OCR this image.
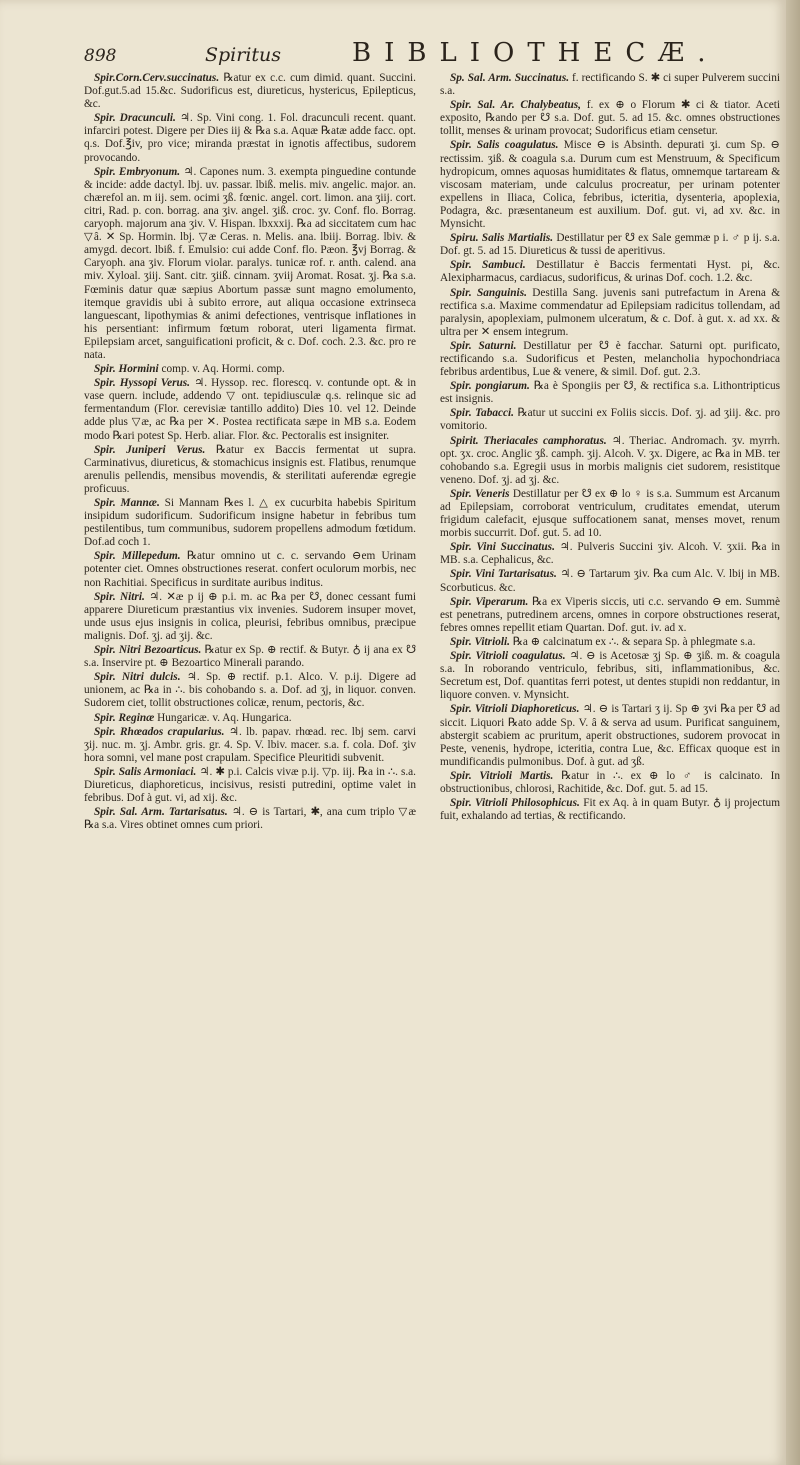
898	Spiritus	BIBLIOTHECÆ.

Spir.Corn.Cerv.succinatus. ℞atur ex c.c. cum dimid. quant. Succini. Dof.gut.5.ad 15.&c. Sudorificus est, diureticus, hystericus, Epilepticus, &c.

Spir. Dracunculi. ♃. Sp. Vini cong. 1. Fol. dracunculi recent. quant. infarciri potest. Digere per Dies iij & ℞a s.a. Aquæ ℞atæ adde facc. opt. q.s. Dof.℥iv, pro vice; miranda præstat in ignotis affectibus, sudorem provocando.

Spir. Embryonum. ♃. Capones num. 3. exempta pinguedine contunde & incide: adde dactyl. lbj. uv. passar. lbiß. melis. miv. angelic. major. an. chærefol an. m iij. sem. ocimi ʒß. fœnic. angel. cort. limon. ana ʒiij. cort. citri, Rad. p. con. borrag. ana ʒiv. angel. ʒiß. croc. ʒv. Conf. flo. Borrag. caryoph. majorum ana ʒiv. V. Hispan. lbxxxij. ℞a ad siccitatem cum hac ▽â. ✕ Sp. Hormin. lbj. ▽æ Ceras. n. Melis. ana. lbiij. Borrag. lbiv. & amygd. decort. lbiß. f. Emulsio: cui adde Conf. flo. Pæon. ℥vj Borrag. & Caryoph. ana ʒiv. Florum violar. paralys. tunicæ rof. r. anth. calend. ana miv. Xyloal. ʒiij. Sant. citr. ʒiiß. cinnam. ʒviij Aromat. Rosat. ʒj. ℞a s.a. Fœminis datur quæ sæpius Abortum passæ sunt magno emolumento, itemque gravidis ubi à subito errore, aut aliqua occasione extrinseca languescant, lipothymias & animi defectiones, ventrisque inflationes in his persentiant: infirmum fœtum roborat, uteri ligamenta firmat. Epilepsiam arcet, sanguificationi proficit, & c. Dof. coch. 2.3. &c. pro re nata.

Spir. Hormini comp. v. Aq. Hormi. comp.

Spir. Hyssopi Verus. ♃. Hyssop. rec. florescq. v. contunde opt. & in vase quern. include, addendo ▽ ont. tepidiusculæ q.s. relinque sic ad fermentandum (Flor. cerevisiæ tantillo addito) Dies 10. vel 12. Deinde adde plus ▽æ, ac ℞a per ✕. Postea rectificata sæpe in MB s.a. Eodem modo ℞ari potest Sp. Herb. aliar. Flor. &c. Pectoralis est insigniter.

Spir. Juniperi Verus. ℞atur ex Baccis fermentat ut supra. Carminativus, diureticus, & stomachicus insignis est. Flatibus, renumque arenulis pellendis, mensibus movendis, & sterilitati auferendæ egregie proficuus.

Spir. Mannæ. Si Mannam ℞es l. △ ex cucurbita habebis Spiritum insipidum sudorificum. Sudorificum insigne habetur in febribus tum pestilentibus, tum communibus, sudorem propellens admodum fœtidum. Dof.ad coch 1.

Spir. Millepedum. ℞atur omnino ut c. c. servando ⊖em Urinam potenter ciet. Omnes obstructiones reserat. confert oculorum morbis, nec non Rachitiai. Specificus in surditate auribus inditus.

Spir. Nitri. ♃. ✕æ p ij ⊕ p.i. m. ac ℞a per ☋, donec cessant fumi apparere Diureticum præstantius vix invenies. Sudorem insuper movet, unde usus ejus insignis in colica, pleurisi, febribus omnibus, præcipue malignis. Dof. ʒj. ad ʒij. &c.

Spir. Nitri Bezoarticus. ℞atur ex Sp. ⊕ rectif. & Butyr. ♁ ij ana ex ☋ s.a. Inservire pt. ⊕ Bezoartico Minerali parando.

Spir. Nitri dulcis. ♃. Sp. ⊕ rectif. p.1. Alco. V. p.ij. Digere ad unionem, ac ℞a in ∴. bis cohobando s. a. Dof. ad ʒj, in liquor. conven. Sudorem ciet, tollit obstructiones colicæ, renum, pectoris, &c.

Spir. Reginæ Hungaricæ. v. Aq. Hungarica.

Spir. Rhœados crapularius. ♃. lb. papav. rhœad. rec. lbj sem. carvi ʒij. nuc. m. ʒj. Ambr. gris. gr. 4. Sp. V. lbiv. macer. s.a. f. cola. Dof. ʒiv hora somni, vel mane post crapulam. Specifice Pleuritidi subvenit.

Spir. Salis Armoniaci. ♃. ✱ p.i. Calcis vivæ p.ij. ▽p. iij. ℞a in ∴. s.a. Diureticus, diaphoreticus, incisivus, resisti putredini, optime valet in febribus. Dof à gut. vi, ad xij. &c.

Spir. Sal. Arm. Tartarisatus. ♃. ⊖ is Tartari, ✱, ana cum triplo ▽æ ℞a s.a. Vires obtinet omnes cum priori.

Sp. Sal. Arm. Succinatus. f. rectificando S. ✱ ci super Pulverem succini s.a.

Spir. Sal. Ar. Chalybeatus, f. ex ⊕ o Florum ✱ ci & tiator. Aceti exposito, ℞ando per ☋ s.a. Dof. gut. 5. ad 15. &c. omnes obstructiones tollit, menses & urinam provocat; Sudorificus etiam censetur.

Spir. Salis coagulatus. Misce ⊖ is Absinth. depurati ʒi. cum Sp. ⊖ rectissim. ʒiß. & coagula s.a. Durum cum est Menstruum, & Specificum hydropicum, omnes aquosas humiditates & flatus, omnemque tartaream & viscosam materiam, unde calculus procreatur, per urinam potenter expellens in Iliaca, Colica, febribus, icteritia, dysenteria, apoplexia, Podagra, &c. præsentaneum est auxilium. Dof. gut. vi, ad xv. &c. in Mynsicht.

Spiru. Salis Martialis. Destillatur per ☋ ex Sale gemmæ p i. ♂ p ij. s.a. Dof. gt. 5. ad 15. Diureticus & tussi de aperitivus.

Spir. Sambuci. Destillatur è Baccis fermentati Hyst. pi, &c. Alexipharmacus, cardiacus, sudorificus, & urinas Dof. coch. 1.2. &c.

Spir. Sanguinis. Destilla Sang. juvenis sani putrefactum in Arena & rectifica s.a. Maxime commendatur ad Epilepsiam radicitus tollendam, ad paralysin, apoplexiam, pulmonem ulceratum, & c. Dof. à gut. x. ad xx. & ultra per ✕ ensem integrum.

Spir. Saturni. Destillatur per ☋ è facchar. Saturni opt. purificato, rectificando s.a. Sudorificus et Pesten, melancholia hypochondriaca febribus ardentibus, Lue & venere, & simil. Dof. gut. 2.3.

Spir. pongiarum. ℞a è Spongiis per ☋, & rectifica s.a. Lithontripticus est insignis.

Spir. Tabacci. ℞atur ut succini ex Foliis siccis. Dof. ʒj. ad ʒiij. &c. pro vomitorio.

Spirit. Theriacales camphoratus. ♃. Theriac. Andromach. ʒv. myrrh. opt. ʒx. croc. Anglic ʒß. camph. ʒij. Alcoh. V. ʒx. Digere, ac ℞a in MB. ter cohobando s.a. Egregii usus in morbis malignis ciet sudorem, resistitque veneno. Dof. ʒj. ad ʒj. &c.

Spir. Veneris Destillatur per ☋ ex ⊕ lo ♀ is s.a. Summum est Arcanum ad Epilepsiam, corroborat ventriculum, cruditates emendat, uterum frigidum calefacit, ejusque suffocationem sanat, menses movet, renum morbis succurrit. Dof. gut. 5. ad 10.

Spir. Vini Succinatus. ♃. Pulveris Succini ʒiv. Alcoh. V. ʒxii. ℞a in MB. s.a. Cephalicus, &c.

Spir. Vini Tartarisatus. ♃. ⊖ Tartarum ʒiv. ℞a cum Alc. V. lbij in MB. Scorbuticus. &c.

Spir. Viperarum. ℞a ex Viperis siccis, uti c.c. servando ⊖ em. Summè est penetrans, putredinem arcens, omnes in corpore obstructiones reserat, febres omnes repellit etiam Quartan. Dof. gut. iv. ad x.

Spir. Vitrioli. ℞a ⊕ calcinatum ex ∴. & separa Sp. à phlegmate s.a.

Spir. Vitrioli coagulatus. ♃. ⊖ is Acetosæ ʒj Sp. ⊕ ʒiß. m. & coagula s.a. In roborando ventriculo, febribus, siti, inflammationibus, &c. Secretum est, Dof. quantitas ferri potest, ut dentes stupidi non reddantur, in liquore conven. v. Mynsicht.

Spir. Vitrioli Diaphoreticus. ♃. ⊖ is Tartari ʒ ij. Sp ⊕ ʒvi ℞a per ☋ ad siccit. Liquori ℞ato adde Sp. V. â & serva ad usum. Purificat sanguinem, abstergit scabiem ac pruritum, aperit obstructiones, sudorem provocat in Peste, venenis, hydrope, icteritia, contra Lue, &c. Efficax quoque est in mundificandis pulmonibus. Dof. à gut. ad ʒß.

Spir. Vitrioli Martis. ℞atur in ∴. ex ⊕ lo ♂ is calcinato. In obstructionibus, chlorosi, Rachitide, &c. Dof. gut. 5. ad 15.

Spir. Vitrioli Philosophicus. Fit ex Aq. à in quam Butyr. ♁ ij projectum fuit, exhalando ad tertias, & rectificando.
